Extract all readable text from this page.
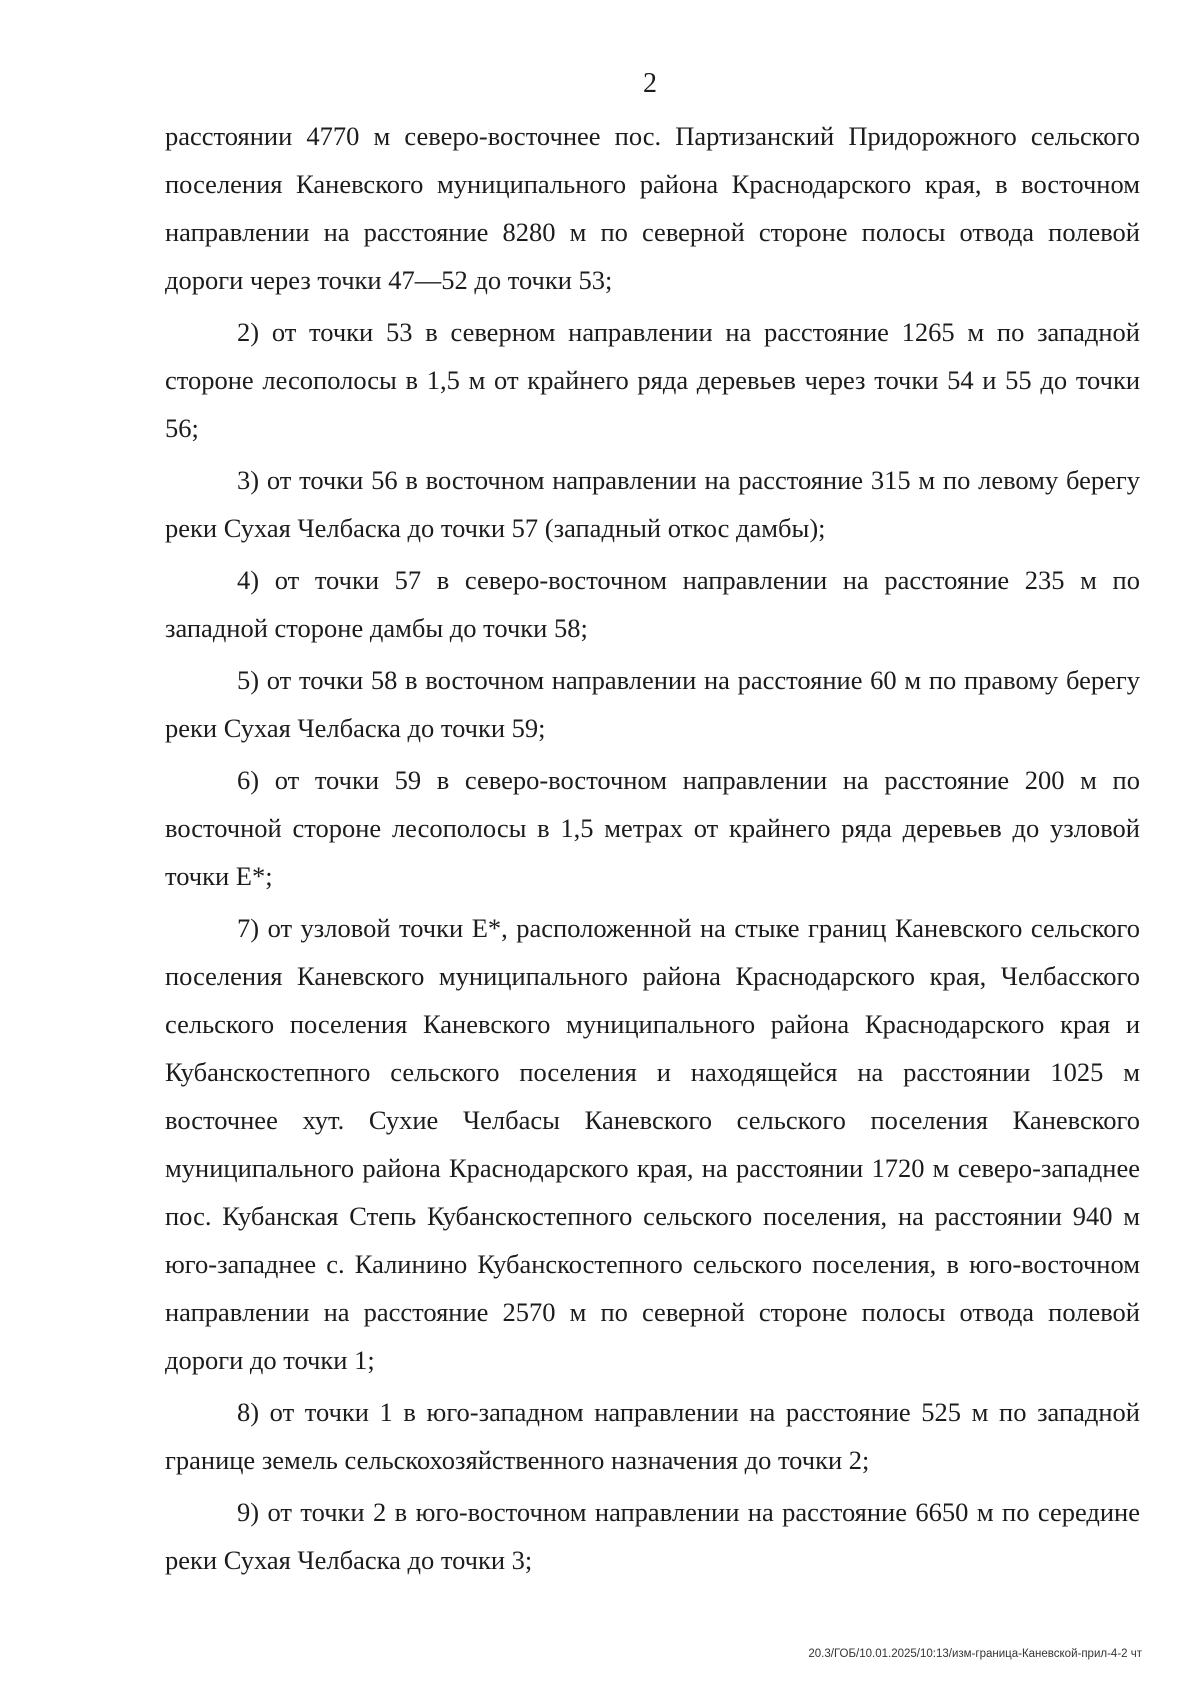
2

расстоянии 4770 м северо-восточнее пос. Партизанский Придорожного сельского поселения Каневского муниципального района Краснодарского края, в восточном направлении на расстояние 8280 м по северной стороне полосы отвода полевой дороги через точки 47—52 до точки 53;

2) от точки 53 в северном направлении на расстояние 1265 м по западной стороне лесополосы в 1,5 м от крайнего ряда деревьев через точки 54 и 55 до точки 56;

3) от точки 56 в восточном направлении на расстояние 315 м по левому берегу реки Сухая Челбаска до точки 57 (западный откос дамбы);

4) от точки 57 в северо-восточном направлении на расстояние 235 м по западной стороне дамбы до точки 58;

5) от точки 58 в восточном направлении на расстояние 60 м по правому берегу реки Сухая Челбаска до точки 59;

6) от точки 59 в северо-восточном направлении на расстояние 200 м по восточной стороне лесополосы в 1,5 метрах от крайнего ряда деревьев до узловой точки Е*;

7) от узловой точки Е*, расположенной на стыке границ Каневского сельского поселения Каневского муниципального района Краснодарского края, Челбасского сельского поселения Каневского муниципального района Краснодарского края и Кубанскостепного сельского поселения и находящейся на расстоянии 1025 м восточнее хут. Сухие Челбасы Каневского сельского поселения Каневского муниципального района Краснодарского края, на расстоянии 1720 м северо-западнее пос. Кубанская Степь Кубанскостепного сельского поселения, на расстоянии 940 м юго-западнее с. Калинино Кубанскостепного сельского поселения, в юго-восточном направлении на расстояние 2570 м по северной стороне полосы отвода полевой дороги до точки 1;

8) от точки 1 в юго-западном направлении на расстояние 525 м по западной границе земель сельскохозяйственного назначения до точки 2;

9) от точки 2 в юго-восточном направлении на расстояние 6650 м по середине реки Сухая Челбаска до точки 3;

20.3/ГОБ/10.01.2025/10:13/изм-граница-Каневской-прил-4-2 чт
